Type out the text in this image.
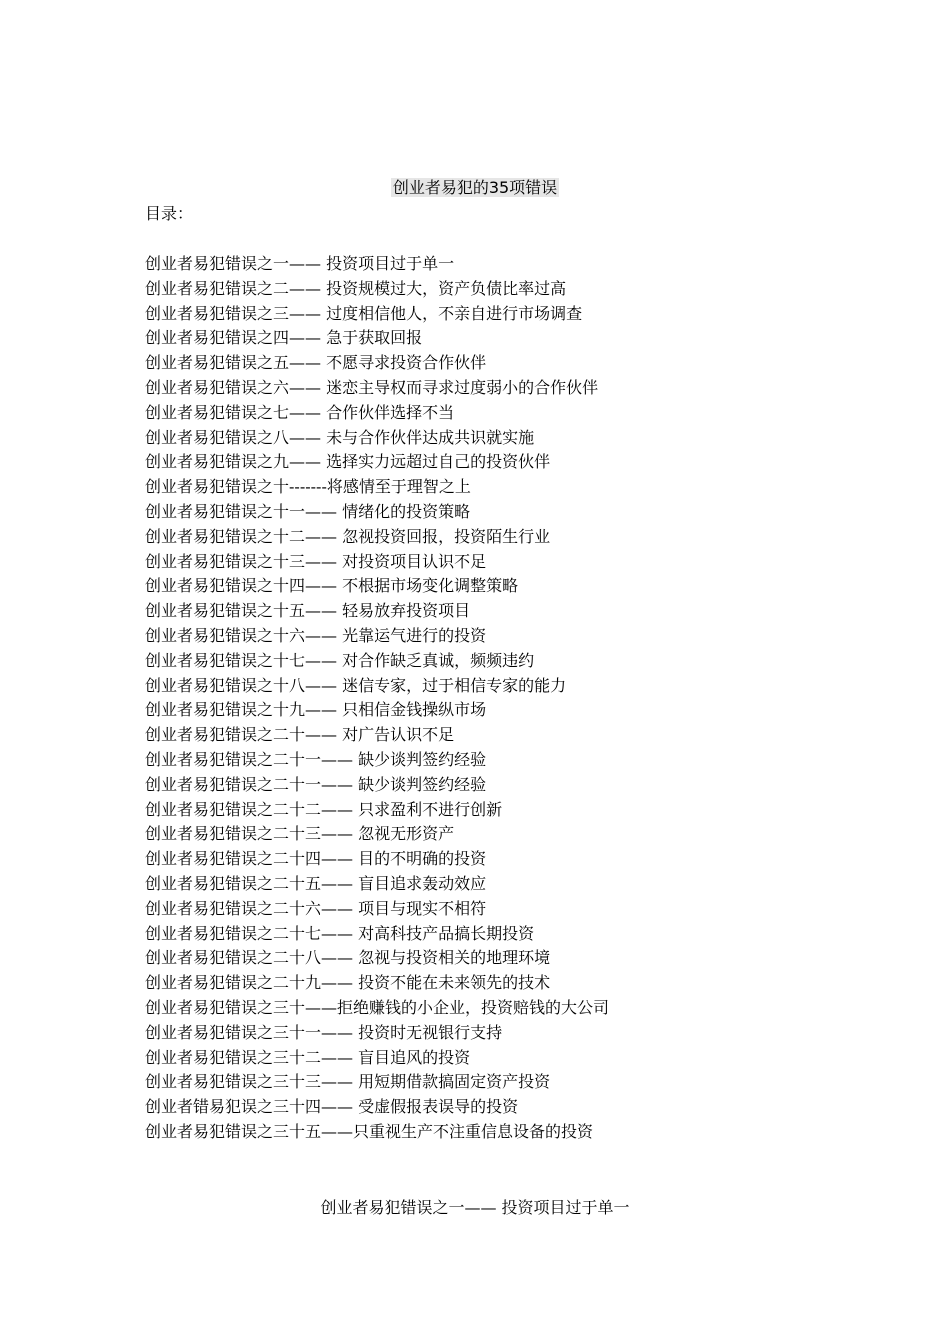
创业者易犯的35项错误
目录：
创业者易犯错误之一—— 投资项目过于单一
创业者易犯错误之二—— 投资规模过大，资产负债比率过高
创业者易犯错误之三—— 过度相信他人，不亲自进行市场调查
创业者易犯错误之四—— 急于获取回报
创业者易犯错误之五—— 不愿寻求投资合作伙伴
创业者易犯错误之六—— 迷恋主导权而寻求过度弱小的合作伙伴
创业者易犯错误之七—— 合作伙伴选择不当
创业者易犯错误之八—— 未与合作伙伴达成共识就实施
创业者易犯错误之九—— 选择实力远超过自己的投资伙伴
创业者易犯错误之十-------将感情至于理智之上
创业者易犯错误之十一—— 情绪化的投资策略
创业者易犯错误之十二—— 忽视投资回报，投资陌生行业
创业者易犯错误之十三—— 对投资项目认识不足
创业者易犯错误之十四—— 不根据市场变化调整策略
创业者易犯错误之十五—— 轻易放弃投资项目
创业者易犯错误之十六—— 光靠运气进行的投资
创业者易犯错误之十七—— 对合作缺乏真诚，频频违约
创业者易犯错误之十八—— 迷信专家，过于相信专家的能力
创业者易犯错误之十九—— 只相信金钱操纵市场
创业者易犯错误之二十—— 对广告认识不足
创业者易犯错误之二十一—— 缺少谈判签约经验
创业者易犯错误之二十一—— 缺少谈判签约经验
创业者易犯错误之二十二—— 只求盈利不进行创新
创业者易犯错误之二十三—— 忽视无形资产
创业者易犯错误之二十四—— 目的不明确的投资
创业者易犯错误之二十五—— 盲目追求轰动效应
创业者易犯错误之二十六—— 项目与现实不相符
创业者易犯错误之二十七—— 对高科技产品搞长期投资
创业者易犯错误之二十八—— 忽视与投资相关的地理环境
创业者易犯错误之二十九—— 投资不能在未来领先的技术
创业者易犯错误之三十——拒绝赚钱的小企业，投资赔钱的大公司
创业者易犯错误之三十一—— 投资时无视银行支持
创业者易犯错误之三十二—— 盲目追风的投资
创业者易犯错误之三十三—— 用短期借款搞固定资产投资
创业者错易犯误之三十四—— 受虚假报表误导的投资
创业者易犯错误之三十五——只重视生产不注重信息设备的投资
创业者易犯错误之一—— 投资项目过于单一
